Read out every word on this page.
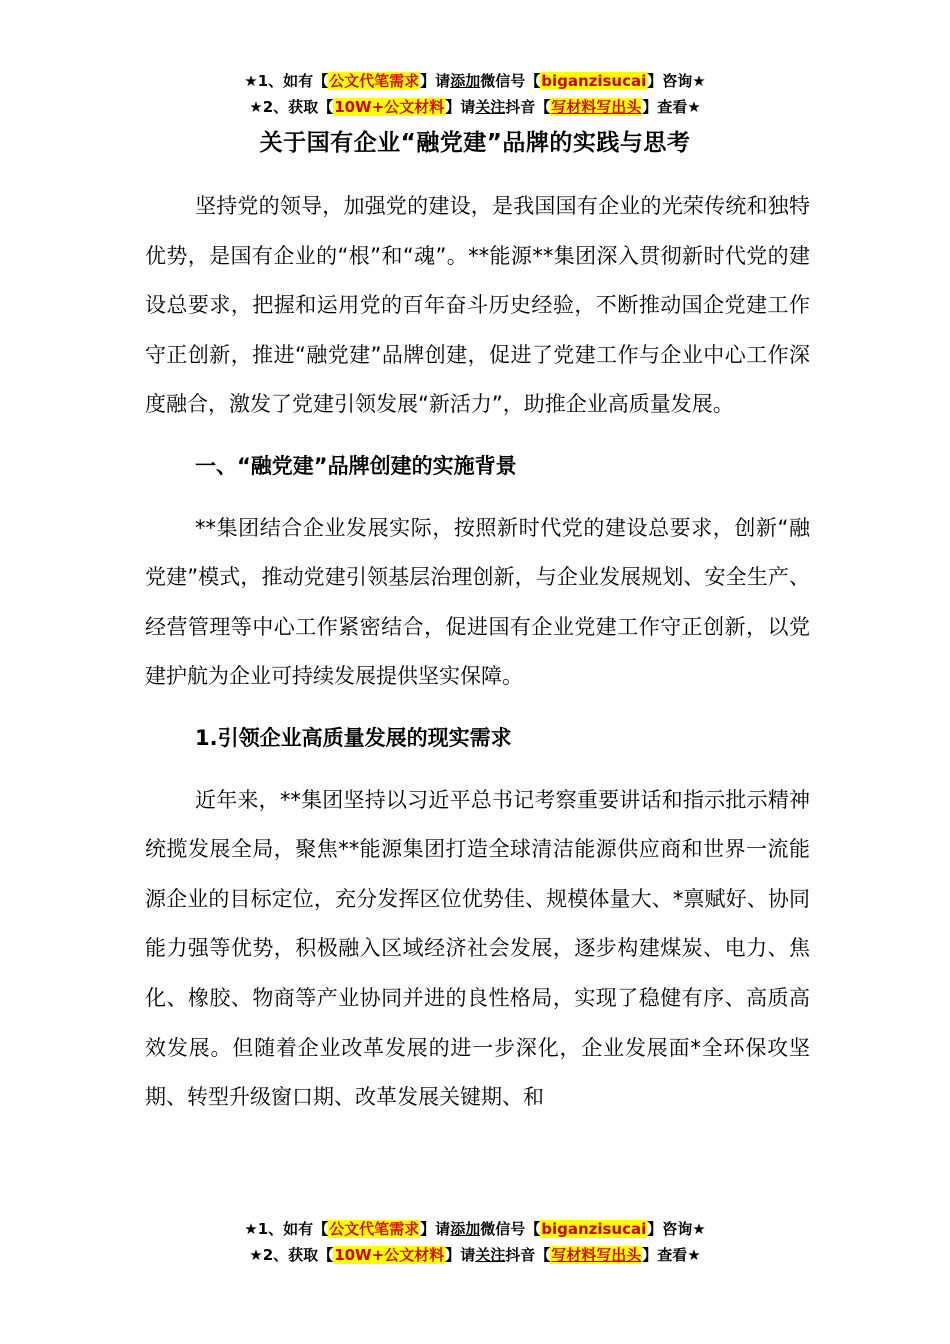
★1、如有【公文代笔需求】请添加微信号【biganzisucai】咨询★
★2、获取【10W+公文材料】请关注抖音【写材料写出头】查看★
关于国有企业“融党建”品牌的实践与思考

坚持党的领导，加强党的建设，是我国国有企业的光荣传统和独特优势，是国有企业的“根”和“魂”。**能源**集团深入贯彻新时代党的建设总要求，把握和运用党的百年奋斗历史经验，不断推动国企党建工作守正创新，推进“融党建”品牌创建，促进了党建工作与企业中心工作深度融合，激发了党建引领发展“新活力”，助推企业高质量发展。

一、“融党建”品牌创建的实施背景

**集团结合企业发展实际，按照新时代党的建设总要求，创新“融党建”模式，推动党建引领基层治理创新，与企业发展规划、安全生产、经营管理等中心工作紧密结合，促进国有企业党建工作守正创新，以党建护航为企业可持续发展提供坚实保障。

1.引领企业高质量发展的现实需求

近年来，**集团坚持以习近平总书记考察重要讲话和指示批示精神统揽发展全局，聚焦**能源集团打造全球清洁能源供应商和世界一流能源企业的目标定位，充分发挥区位优势佳、规模体量大、*禀赋好、协同能力强等优势，积极融入区域经济社会发展，逐步构建煤炭、电力、焦化、橡胶、物商等产业协同并进的良性格局，实现了稳健有序、高质高效发展。但随着企业改革发展的进一步深化，企业发展面*全环保攻坚期、转型升级窗口期、改革发展关键期、和

★1、如有【公文代笔需求】请添加微信号【biganzisucai】咨询★
★2、获取【10W+公文材料】请关注抖音【写材料写出头】查看★
